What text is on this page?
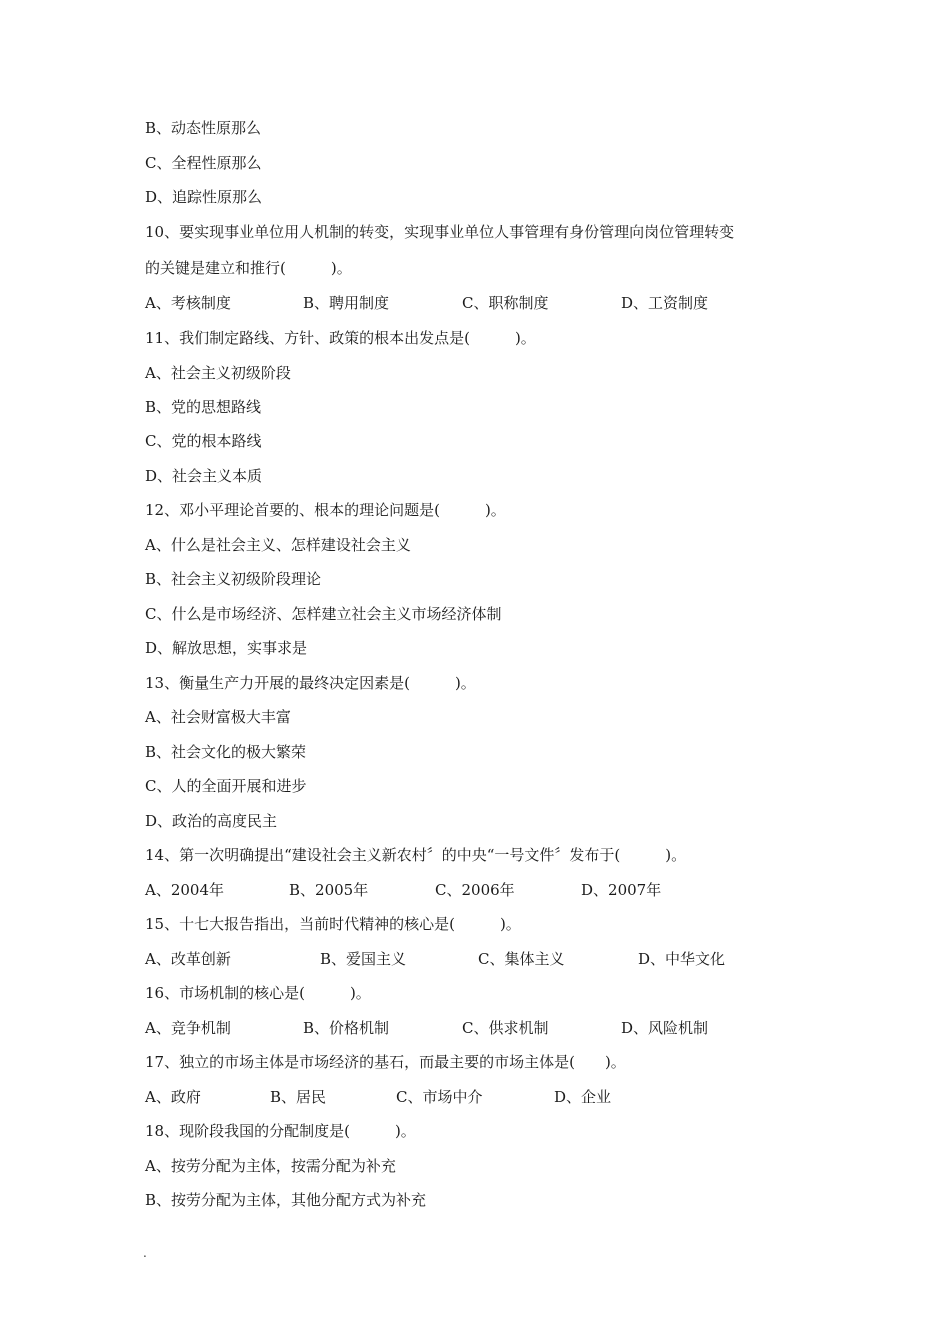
B、动态性原那么
C、全程性原那么
D、追踪性原那么
10、要实现事业单位用人机制的转变，实现事业单位人事管理有身份管理向岗位管理转变
的关键是建立和推行(　　　)。
A、考核制度	B、聘用制度	C、职称制度	D、工资制度
11、我们制定路线、方针、政策的根本出发点是(　　　)。
A、社会主义初级阶段
B、党的思想路线
C、党的根本路线
D、社会主义本质
12、邓小平理论首要的、根本的理论问题是(　　　)。
A、什么是社会主义、怎样建设社会主义
B、社会主义初级阶段理论
C、什么是市场经济、怎样建立社会主义市场经济体制
D、解放思想，实事求是
13、衡量生产力开展的最终决定因素是(　　　)。
A、社会财富极大丰富
B、社会文化的极大繁荣
C、人的全面开展和进步
D、政治的高度民主
14、第一次明确提出“建设社会主义新农村〞的中央“一号文件〞发布于(　　　)。
A、2004年	B、2005年	C、2006年	D、2007年
15、十七大报告指出，当前时代精神的核心是(　　　)。
A、改革创新	B、爱国主义	C、集体主义	D、中华文化
16、市场机制的核心是(　　　)。
A、竞争机制	B、价格机制	C、供求机制	D、风险机制
17、独立的市场主体是市场经济的基石，而最主要的市场主体是(　　)。
A、政府	B、居民	C、市场中介	D、企业
18、现阶段我国的分配制度是(　　　)。
A、按劳分配为主体，按需分配为补充
B、按劳分配为主体，其他分配方式为补充
.
